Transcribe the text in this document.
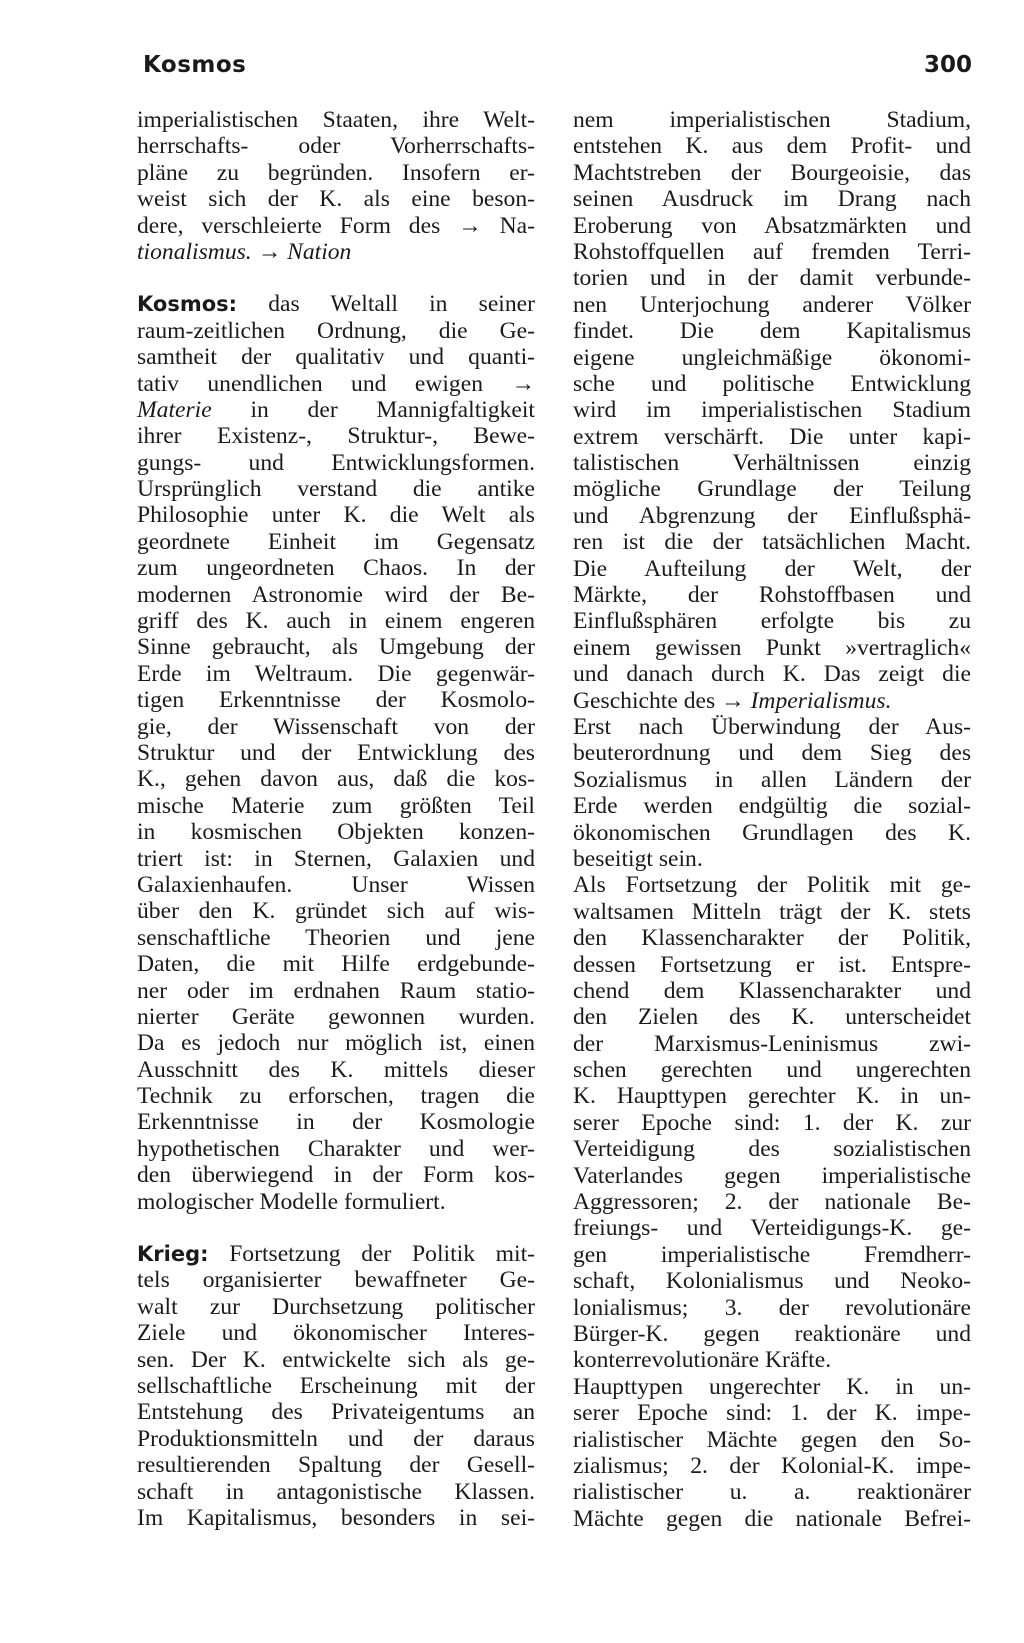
Kosmos	300
imperialistischen Staaten, ihre Welt-
herrschafts- oder Vorherrschafts-
pläne zu begründen. Insofern er-
weist sich der K. als eine beson-
dere, verschleierte Form des → Na-
tionalismus. → Nation
Kosmos: das Weltall in seiner
raum-zeitlichen Ordnung, die Ge-
samtheit der qualitativ und quanti-
tativ unendlichen und ewigen →
Materie in der Mannigfaltigkeit
ihrer Existenz-, Struktur-, Bewe-
gungs- und Entwicklungsformen.
Ursprünglich verstand die antike
Philosophie unter K. die Welt als
geordnete Einheit im Gegensatz
zum ungeordneten Chaos. In der
modernen Astronomie wird der Be-
griff des K. auch in einem engeren
Sinne gebraucht, als Umgebung der
Erde im Weltraum. Die gegenwär-
tigen Erkenntnisse der Kosmolo-
gie, der Wissenschaft von der
Struktur und der Entwicklung des
K., gehen davon aus, daß die kos-
mische Materie zum größten Teil
in kosmischen Objekten konzen-
triert ist: in Sternen, Galaxien und
Galaxienhaufen. Unser Wissen
über den K. gründet sich auf wis-
senschaftliche Theorien und jene
Daten, die mit Hilfe erdgebunde-
ner oder im erdnahen Raum statio-
nierter Geräte gewonnen wurden.
Da es jedoch nur möglich ist, einen
Ausschnitt des K. mittels dieser
Technik zu erforschen, tragen die
Erkenntnisse in der Kosmologie
hypothetischen Charakter und wer-
den überwiegend in der Form kos-
mologischer Modelle formuliert.
Krieg: Fortsetzung der Politik mit-
tels organisierter bewaffneter Ge-
walt zur Durchsetzung politischer
Ziele und ökonomischer Interes-
sen. Der K. entwickelte sich als ge-
sellschaftliche Erscheinung mit der
Entstehung des Privateigentums an
Produktionsmitteln und der daraus
resultierenden Spaltung der Gesell-
schaft in antagonistische Klassen.
Im Kapitalismus, besonders in sei-
nem imperialistischen Stadium,
entstehen K. aus dem Profit- und
Machtstreben der Bourgeoisie, das
seinen Ausdruck im Drang nach
Eroberung von Absatzmärkten und
Rohstoffquellen auf fremden Terri-
torien und in der damit verbunde-
nen Unterjochung anderer Völker
findet. Die dem Kapitalismus
eigene ungleichmäßige ökonomi-
sche und politische Entwicklung
wird im imperialistischen Stadium
extrem verschärft. Die unter kapi-
talistischen Verhältnissen einzig
mögliche Grundlage der Teilung
und Abgrenzung der Einflußsphä-
ren ist die der tatsächlichen Macht.
Die Aufteilung der Welt, der
Märkte, der Rohstoffbasen und
Einflußsphären erfolgte bis zu
einem gewissen Punkt »vertraglich«
und danach durch K. Das zeigt die
Geschichte des → Imperialismus.
Erst nach Überwindung der Aus-
beuterordnung und dem Sieg des
Sozialismus in allen Ländern der
Erde werden endgültig die sozial-
ökonomischen Grundlagen des K.
beseitigt sein.
Als Fortsetzung der Politik mit ge-
waltsamen Mitteln trägt der K. stets
den Klassencharakter der Politik,
dessen Fortsetzung er ist. Entspre-
chend dem Klassencharakter und
den Zielen des K. unterscheidet
der Marxismus-Leninismus zwi-
schen gerechten und ungerechten
K. Haupttypen gerechter K. in un-
serer Epoche sind: 1. der K. zur
Verteidigung des sozialistischen
Vaterlandes gegen imperialistische
Aggressoren; 2. der nationale Be-
freiungs- und Verteidigungs-K. ge-
gen imperialistische Fremdherr-
schaft, Kolonialismus und Neoko-
lonialismus; 3. der revolutionäre
Bürger-K. gegen reaktionäre und
konterrevolutionäre Kräfte.
Haupttypen ungerechter K. in un-
serer Epoche sind: 1. der K. impe-
rialistischer Mächte gegen den So-
zialismus; 2. der Kolonial-K. impe-
rialistischer u. a. reaktionärer
Mächte gegen die nationale Befrei-
